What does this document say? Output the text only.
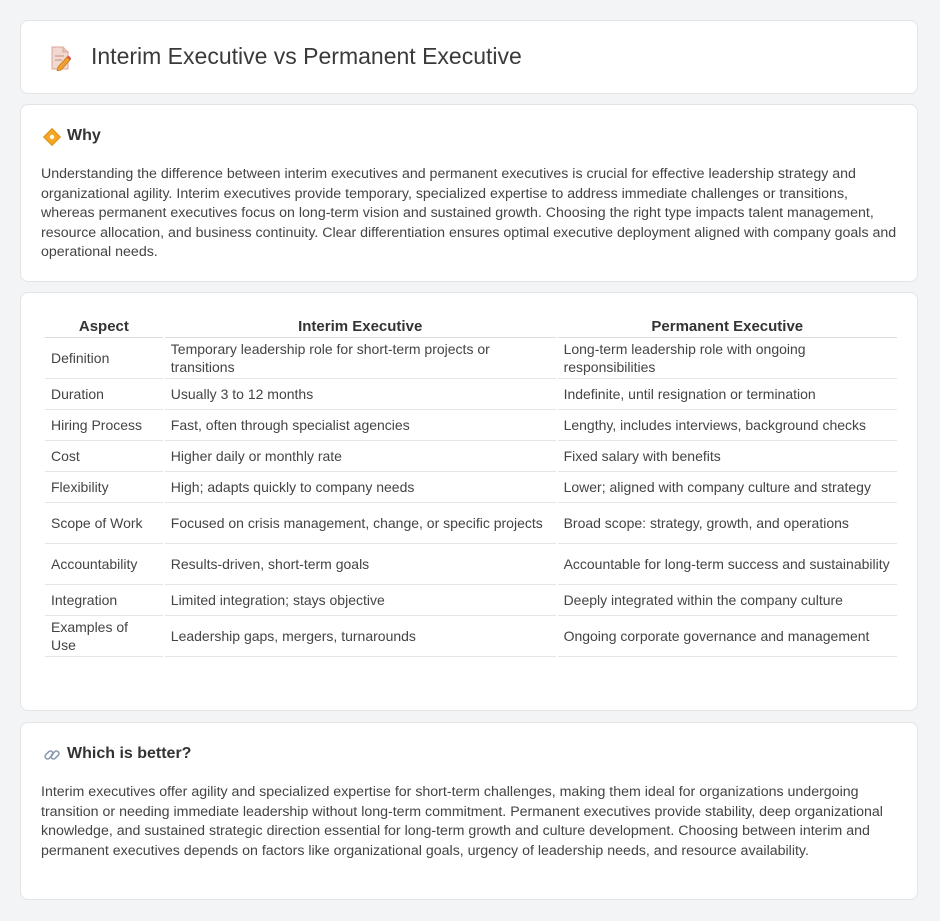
Interim Executive vs Permanent Executive
Why

Understanding the difference between interim executives and permanent executives is crucial for effective leadership strategy and organizational agility. Interim executives provide temporary, specialized expertise to address immediate challenges or transitions, whereas permanent executives focus on long-term vision and sustained growth. Choosing the right type impacts talent management, resource allocation, and business continuity. Clear differentiation ensures optimal executive deployment aligned with company goals and operational needs.

Aspect	Interim Executive	Permanent Executive
Definition	Temporary leadership role for short-term projects or transitions	Long-term leadership role with ongoing responsibilities
Duration	Usually 3 to 12 months	Indefinite, until resignation or termination
Hiring Process	Fast, often through specialist agencies	Lengthy, includes interviews, background checks
Cost	Higher daily or monthly rate	Fixed salary with benefits
Flexibility	High; adapts quickly to company needs	Lower; aligned with company culture and strategy
Scope of Work	Focused on crisis management, change, or specific projects	Broad scope: strategy, growth, and operations
Accountability	Results-driven, short-term goals	Accountable for long-term success and sustainability
Integration	Limited integration; stays objective	Deeply integrated within the company culture
Examples of Use	Leadership gaps, mergers, turnarounds	Ongoing corporate governance and management
Which is better?

Interim executives offer agility and specialized expertise for short-term challenges, making them ideal for organizations undergoing transition or needing immediate leadership without long-term commitment. Permanent executives provide stability, deep organizational knowledge, and sustained strategic direction essential for long-term growth and culture development. Choosing between interim and permanent executives depends on factors like organizational goals, urgency of leadership needs, and resource availability.
